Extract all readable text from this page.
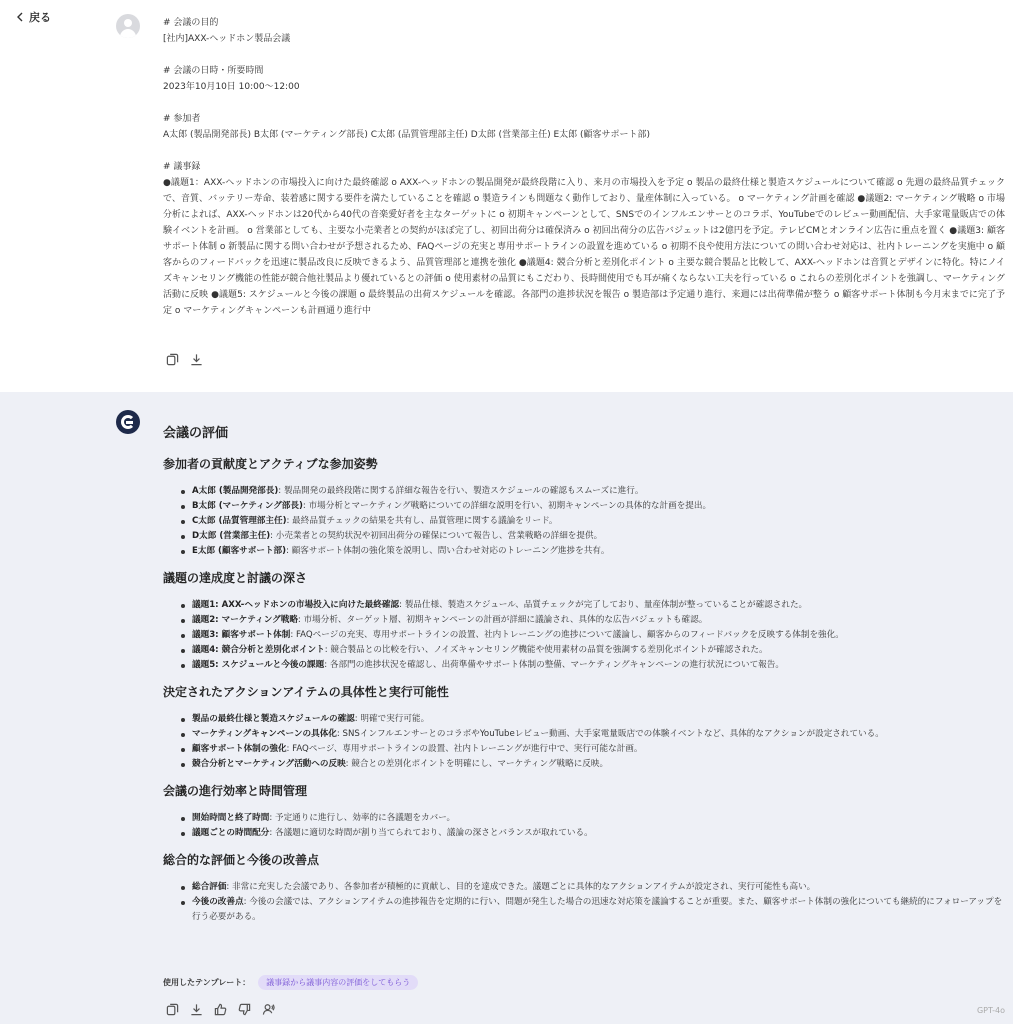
戻る	# 会議の目的

[社内]AXX-ヘッドホン製品会議

# 会議の日時・所要時間

2023年10月10日 10:00〜12:00

# 参加者

A太郎 (製品開発部長) B太郎 (マーケティング部長) C太郎 (品質管理部主任) D太郎 (営業部主任) E太郎 (顧客サポート部)

# 議事録

●議題1：AXX-ヘッドホンの市場投入に向けた最終確認 o AXX-ヘッドホンの製品開発が最終段階に入り、来月の市場投入を予定 o 製品の最終仕様と製造スケジュールについて確認 o 先週の最終品質チェックで、音質、バッテリー寿命、装着感に関する要件を満たしていることを確認 o 製造ラインも問題なく動作しており、量産体制に入っている。 o マーケティング計画を確認 ●議題2: マーケティング戦略 o 市場分析によれば、AXX-ヘッドホンは20代から40代の音楽愛好者を主なターゲットに o 初期キャンペーンとして、SNSでのインフルエンサーとのコラボ、YouTubeでのレビュー動画配信、大手家電量販店での体験イベントを計画。 o 営業部としても、主要な小売業者との契約がほぼ完了し、初回出荷分は確保済み o 初回出荷分の広告バジェットは2億円を予定。テレビCMとオンライン広告に重点を置く ●議題3: 顧客サポート体制 o 新製品に関する問い合わせが予想されるため、FAQページの充実と専用サポートラインの設置を進めている o 初期不良や使用方法についての問い合わせ対応は、社内トレーニングを実施中 o 顧客からのフィードバックを迅速に製品改良に反映できるよう、品質管理部と連携を強化 ●議題4: 競合分析と差別化ポイント o 主要な競合製品と比較して、AXX-ヘッドホンは音質とデザインに特化。特にノイズキャンセリング機能の性能が競合他社製品より優れているとの評価 o 使用素材の品質にもこだわり、長時間使用でも耳が痛くならない工夫を行っている o これらの差別化ポイントを強調し、マーケティング活動に反映 ●議題5: スケジュールと今後の課題 o 最終製品の出荷スケジュールを確認。各部門の進捗状況を報告 o 製造部は予定通り進行、来週には出荷準備が整う o 顧客サポート体制も今月末までに完了予定 o マーケティングキャンペーンも計画通り進行中

会議の評価
参加者の貢献度とアクティブな参加姿勢
A太郎 (製品開発部長): 製品開発の最終段階に関する詳細な報告を行い、製造スケジュールの確認もスムーズに進行。
B太郎 (マーケティング部長): 市場分析とマーケティング戦略についての詳細な説明を行い、初期キャンペーンの具体的な計画を提出。
C太郎 (品質管理部主任): 最終品質チェックの結果を共有し、品質管理に関する議論をリード。
D太郎 (営業部主任): 小売業者との契約状況や初回出荷分の確保について報告し、営業戦略の詳細を提供。
E太郎 (顧客サポート部): 顧客サポート体制の強化策を説明し、問い合わせ対応のトレーニング進捗を共有。
議題の達成度と討議の深さ
議題1: AXX-ヘッドホンの市場投入に向けた最終確認: 製品仕様、製造スケジュール、品質チェックが完了しており、量産体制が整っていることが確認された。
議題2: マーケティング戦略: 市場分析、ターゲット層、初期キャンペーンの計画が詳細に議論され、具体的な広告バジェットも確認。
議題3: 顧客サポート体制: FAQページの充実、専用サポートラインの設置、社内トレーニングの進捗について議論し、顧客からのフィードバックを反映する体制を強化。
議題4: 競合分析と差別化ポイント: 競合製品との比較を行い、ノイズキャンセリング機能や使用素材の品質を強調する差別化ポイントが確認された。
議題5: スケジュールと今後の課題: 各部門の進捗状況を確認し、出荷準備やサポート体制の整備、マーケティングキャンペーンの進行状況について報告。
決定されたアクションアイテムの具体性と実行可能性
製品の最終仕様と製造スケジュールの確認: 明確で実行可能。
マーケティングキャンペーンの具体化: SNSインフルエンサーとのコラボやYouTubeレビュー動画、大手家電量販店での体験イベントなど、具体的なアクションが設定されている。
顧客サポート体制の強化: FAQページ、専用サポートラインの設置、社内トレーニングが進行中で、実行可能な計画。
競合分析とマーケティング活動への反映: 競合との差別化ポイントを明確にし、マーケティング戦略に反映。
会議の進行効率と時間管理
開始時間と終了時間: 予定通りに進行し、効率的に各議題をカバー。
議題ごとの時間配分: 各議題に適切な時間が割り当てられており、議論の深さとバランスが取れている。
総合的な評価と今後の改善点
総合評価: 非常に充実した会議であり、各参加者が積極的に貢献し、目的を達成できた。議題ごとに具体的なアクションアイテムが設定され、実行可能性も高い。
今後の改善点: 今後の会議では、アクションアイテムの進捗報告を定期的に行い、問題が発生した場合の迅速な対応策を議論することが重要。また、顧客サポート体制の強化についても継続的にフォローアップを行う必要がある。
使用したテンプレート：	議事録から議事内容の評価をしてもらう
GPT-4o
